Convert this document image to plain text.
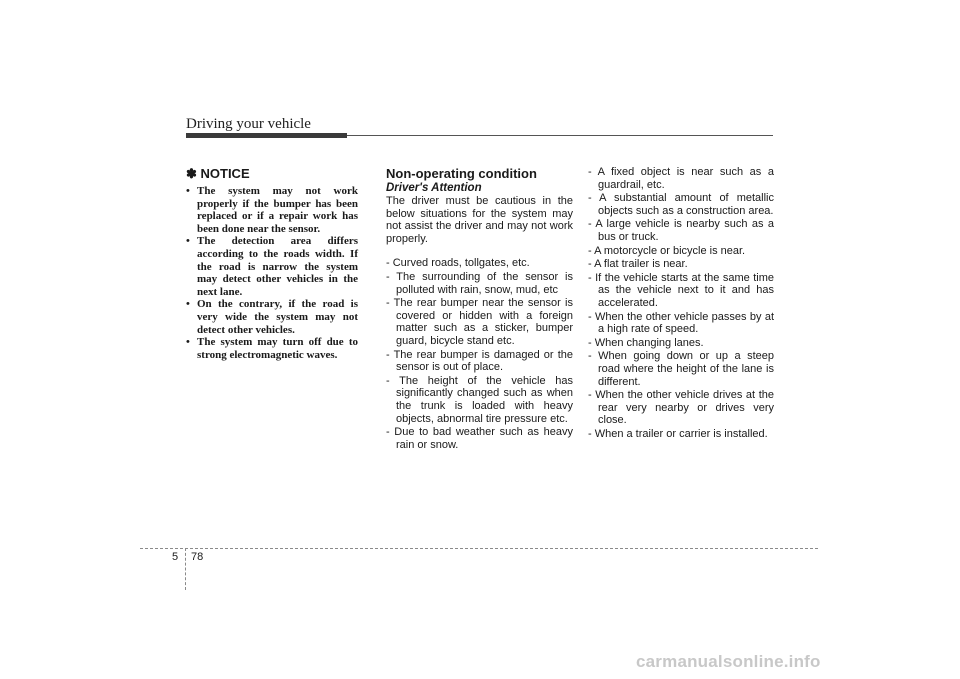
Driving your vehicle
✽ NOTICE
• The system may not work properly if the bumper has been replaced or if a repair work has been done near the sensor.
• The detection area differs according to the roads width. If the road is narrow the system may detect other vehicles in the next lane.
• On the contrary, if the road is very wide the system may not detect other vehicles.
• The system may turn off due to strong electromagnetic waves.
Non-operating condition
Driver's Attention

The driver must be cautious in the below situations for the system may not assist the driver and may not work properly.

- Curved roads, tollgates, etc.
- The surrounding of the sensor is polluted with rain, snow, mud, etc
- The rear bumper near the sensor is covered or hidden with a foreign matter such as a sticker, bumper guard, bicycle stand etc.
- The rear bumper is damaged or the sensor is out of place.
- The height of the vehicle has significantly changed such as when the trunk is loaded with heavy objects, abnormal tire pressure etc.
- Due to bad weather such as heavy rain or snow.
- A fixed object is near such as a guardrail, etc.
- A substantial amount of metallic objects such as a construction area.
- A large vehicle is nearby such as a bus or truck.
- A motorcycle or bicycle is near.
- A flat trailer is near.
- If the vehicle starts at the same time as the vehicle next to it and has accelerated.
- When the other vehicle passes by at a high rate of speed.
- When changing lanes.
- When going down or up a steep road where the height of the lane is different.
- When the other vehicle drives at the rear very nearby or drives very close.
- When a trailer or carrier is installed.
5 78
carmanualsonline.info
